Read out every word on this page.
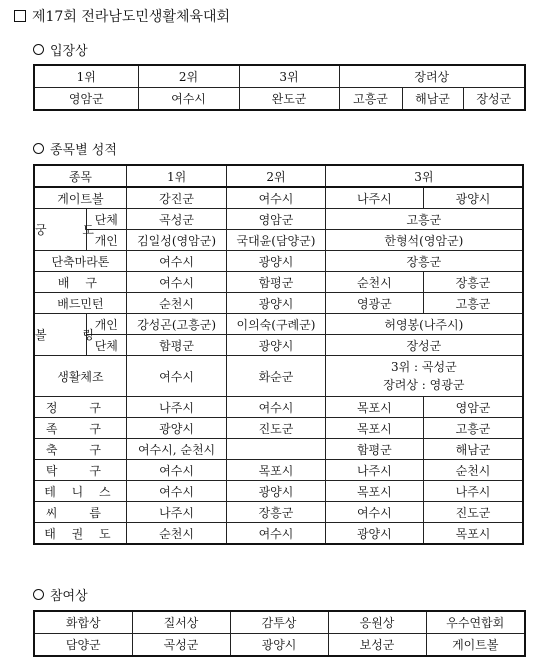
제17회 전라남도민생활체육대회
입장상
1위	2위	3위	장려상		
영암군	여수시	완도군	고흥군	해남군	장성군
종목별 성적
종목		1위	2위	3위	
게이트볼		강진군	여수시	나주시	광양시
궁 도	단체	곡성군	영암군	고흥군	
	개인	김일성(영암군)	국대윤(담양군)	한형석(영암군)	
단축마라톤		여수시	광양시	장흥군	
배 구		여수시	함평군	순천시	장흥군
배드민턴		순천시	광양시	영광군	고흥군
볼 링	개인	강성곤(고흥군)	이의숙(구례군)	허영봉(나주시)	
	단체	함평군	광양시	장성군	
생활체조		여수시	화순군	3위 : 곡성군
장려상 : 영광군	

정 구		나주시	여수시	목포시	영암군
족 구		광양시	진도군	목포시	고흥군
축 구		여수시, 순천시		함평군	해남군
탁 구		여수시	목포시	나주시	순천시
테 니 스		여수시	광양시	목포시	나주시
씨 름		나주시	장흥군	여수시	진도군
태 권 도		순천시	여수시	광양시	목포시
참여상
화합상	질서상	감투상	응원상	우수연합회
담양군	곡성군	광양시	보성군	게이트볼
